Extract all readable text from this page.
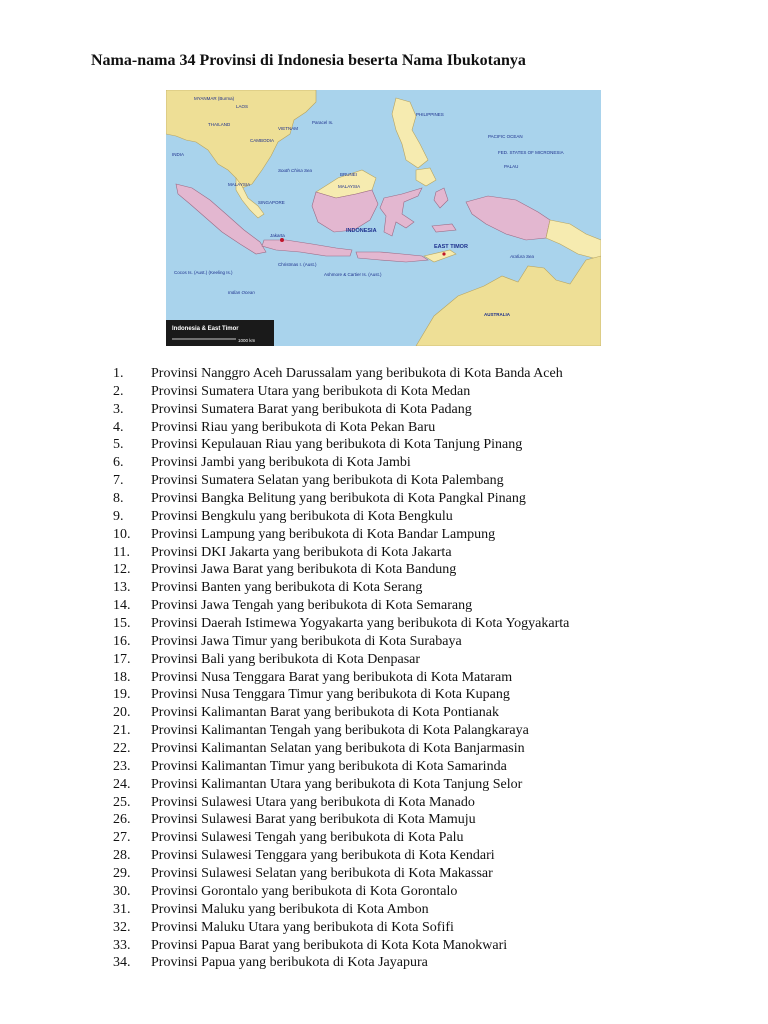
Nama-nama 34 Provinsi di Indonesia beserta Nama Ibukotanya
Indonesia & East Timor
1000 km
MYANMAR (Burma)
LAOS
THAILAND
VIETNAM
CAMBODIA
INDIA
Paracel Is.
PHILIPPINES
PACIFIC OCEAN
FED. STATES OF MICRONESIA
PALAU
South China Sea
BRUNEI
MALAYSIA	MALAYSIA
SINGAPORE
INDONESIA
EAST TIMOR
Jakarta
Christmas I. (Aust.)
Ashmore & Cartier Is. (Aust.)
Cocos Is. (Aust.) (Keeling Is.)
Indian Ocean
Arafura Sea
AUSTRALIA
1. Provinsi Nanggro Aceh Darussalam yang beribukota di Kota Banda Aceh
2. Provinsi Sumatera Utara yang beribukota di Kota Medan
3. Provinsi Sumatera Barat yang beribukota di Kota Padang
4. Provinsi Riau yang beribukota di Kota Pekan Baru
5. Provinsi Kepulauan Riau yang beribukota di Kota Tanjung Pinang
6. Provinsi Jambi yang beribukota di Kota Jambi
7. Provinsi Sumatera Selatan yang beribukota di Kota Palembang
8. Provinsi Bangka Belitung yang beribukota di Kota Pangkal Pinang
9. Provinsi Bengkulu yang beribukota di Kota Bengkulu
10. Provinsi Lampung yang beribukota di Kota Bandar Lampung
11. Provinsi DKI Jakarta yang beribukota di Kota Jakarta
12. Provinsi Jawa Barat yang beribukota di Kota Bandung
13. Provinsi Banten yang beribukota di Kota Serang
14. Provinsi Jawa Tengah yang beribukota di Kota Semarang
15. Provinsi Daerah Istimewa Yogyakarta yang beribukota di Kota Yogyakarta
16. Provinsi Jawa Timur yang beribukota di Kota Surabaya
17. Provinsi Bali yang beribukota di Kota Denpasar
18. Provinsi Nusa Tenggara Barat yang beribukota di Kota Mataram
19. Provinsi Nusa Tenggara Timur yang beribukota di Kota Kupang
20. Provinsi Kalimantan Barat yang beribukota di Kota Pontianak
21. Provinsi Kalimantan Tengah yang beribukota di Kota Palangkaraya
22. Provinsi Kalimantan Selatan yang beribukota di Kota Banjarmasin
23. Provinsi Kalimantan Timur yang beribukota di Kota Samarinda
24. Provinsi Kalimantan Utara yang beribukota di Kota Tanjung Selor
25. Provinsi Sulawesi Utara yang beribukota di Kota Manado
26. Provinsi Sulawesi Barat yang beribukota di Kota Mamuju
27. Provinsi Sulawesi Tengah yang beribukota di Kota Palu
28. Provinsi Sulawesi Tenggara yang beribukota di Kota Kendari
29. Provinsi Sulawesi Selatan yang beribukota di Kota Makassar
30. Provinsi Gorontalo yang beribukota di Kota Gorontalo
31. Provinsi Maluku yang beribukota di Kota Ambon
32. Provinsi Maluku Utara yang beribukota di Kota Sofifi
33. Provinsi Papua Barat yang beribukota di Kota Kota Manokwari
34. Provinsi Papua yang beribukota di Kota Jayapura
